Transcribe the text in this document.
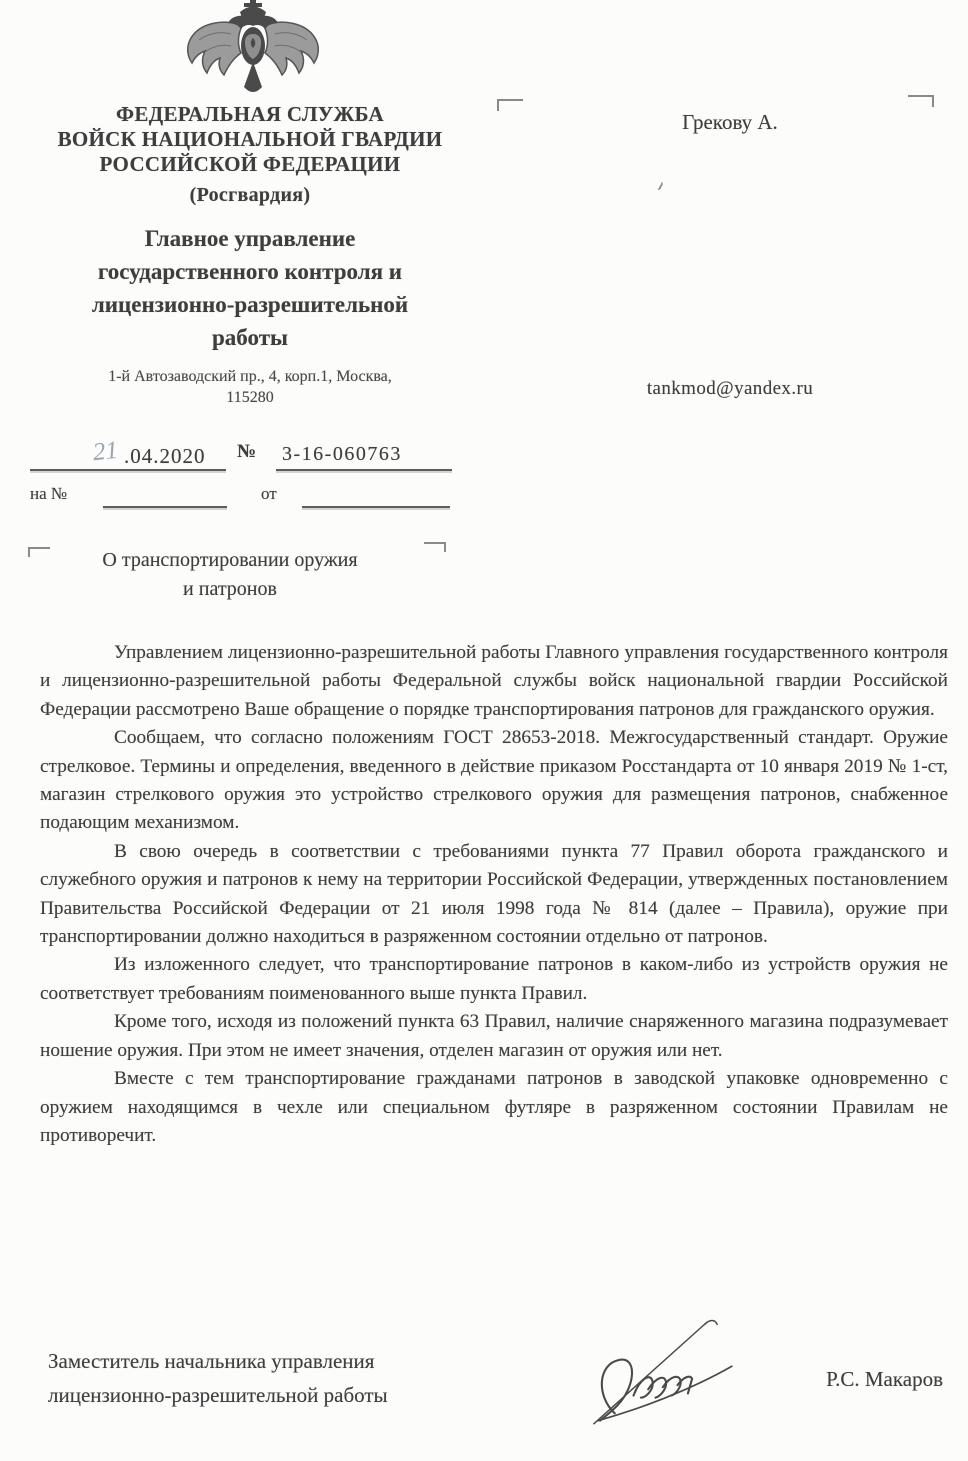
ФЕДЕРАЛЬНАЯ СЛУЖБА
ВОЙСК НАЦИОНАЛЬНОЙ ГВАРДИИ
РОССИЙСКОЙ ФЕДЕРАЦИИ
(Росгвардия)
Главное управление
государственного контроля и
лицензионно-разрешительной
работы
1-й Автозаводский пр., 4, корп.1, Москва,
115280
21 .04.2020 № 3-16-060763
на №	от
О транспортировании оружия
и патронов
Грекову А.
tankmod@yandex.ru

Управлением лицензионно-разрешительной работы Главного управления государственного контроля и лицензионно-разрешительной работы Федеральной службы войск национальной гвардии Российской Федерации рассмотрено Ваше обращение о порядке транспортирования патронов для гражданского оружия.

Сообщаем, что согласно положениям ГОСТ 28653-2018. Межгосударственный стандарт. Оружие стрелковое. Термины и определения, введенного в действие приказом Росстандарта от 10 января 2019 № 1-ст, магазин стрелкового оружия это устройство стрелкового оружия для размещения патронов, снабженное подающим механизмом.

В свою очередь в соответствии с требованиями пункта 77 Правил оборота гражданского и служебного оружия и патронов к нему на территории Российской Федерации, утвержденных постановлением Правительства Российской Федерации от 21 июля 1998 года № 814 (далее – Правила), оружие при транспортировании должно находиться в разряженном состоянии отдельно от патронов.

Из изложенного следует, что транспортирование патронов в каком-либо из устройств оружия не соответствует требованиям поименованного выше пункта Правил.

Кроме того, исходя из положений пункта 63 Правил, наличие снаряженного магазина подразумевает ношение оружия. При этом не имеет значения, отделен магазин от оружия или нет.

Вместе с тем транспортирование гражданами патронов в заводской упаковке одновременно с оружием находящимся в чехле или специальном футляре в разряженном состоянии Правилам не противоречит.

Заместитель начальника управления
лицензионно-разрешительной работы
Р.С. Макаров
